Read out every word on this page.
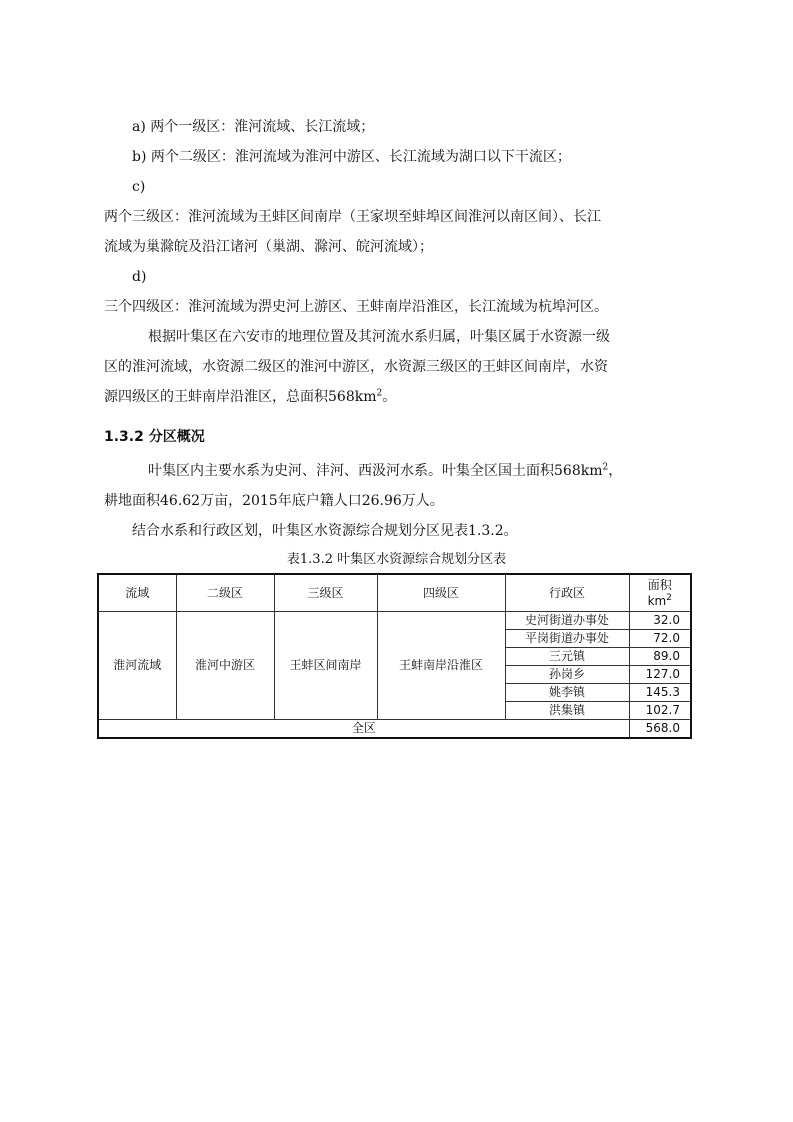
a) 两个一级区：淮河流域、长江流域；
b) 两个二级区：淮河流域为淮河中游区、长江流域为湖口以下干流区；
c)
两个三级区：淮河流域为王蚌区间南岸（王家坝至蚌埠区间淮河以南区间）、长江
流域为巢滁皖及沿江诸河（巢湖、滁河、皖河流域）；
d)
三个四级区：淮河流域为淠史河上游区、王蚌南岸沿淮区，长江流域为杭埠河区。
根据叶集区在六安市的地理位置及其河流水系归属，叶集区属于水资源一级
区的淮河流域，水资源二级区的淮河中游区，水资源三级区的王蚌区间南岸，水资
源四级区的王蚌南岸沿淮区，总面积$568km^2$。
1.3.2 分区概况
叶集区内主要水系为史河、沣河、西汲河水系。叶集全区国土面积$568km^2$，
耕地面积46.62万亩，2015年底户籍人口26.96万人。
结合水系和行政区划，叶集区水资源综合规划分区见表1.3.2。
表1.3.2 叶集区水资源综合规划分区表
流域	二级区	三级区	四级区	行政区	面积
$km^2$

淮河流域	淮河中游区	王蚌区间南岸	王蚌南岸沿淮区	史河街道办事处	32.0
				平岗街道办事处	72.0
				三元镇	89.0
				孙岗乡	127.0
				姚李镇	145.3
				洪集镇	102.7
全区					568.0
